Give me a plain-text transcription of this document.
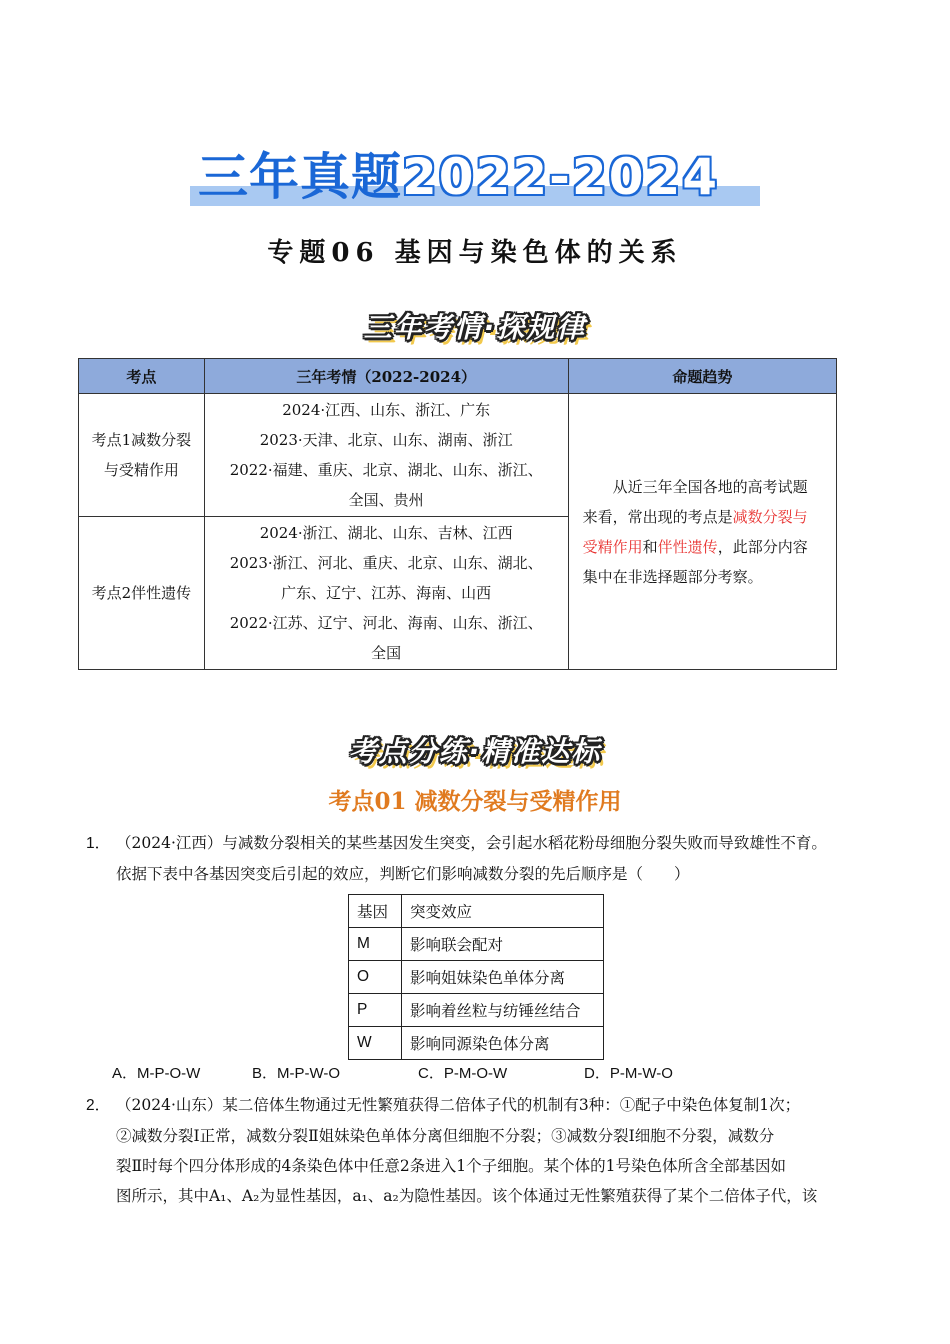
三年真题2022-2024
专题06 基因与染色体的关系
三年考情·探规律
考点	三年考情（2022-2024）	命题趋势
考点1减数分裂与受精作用	2024·江西、山东、浙江、广东
2023·天津、北京、山东、湖南、浙江
2022·福建、重庆、北京、湖北、山东、浙江、
全国、贵州	从近三年全国各地的高考试题来看，常出现的考点是减数分裂与受精作用和伴性遗传，此部分内容集中在非选择题部分考察。
考点2伴性遗传	2024·浙江、湖北、山东、吉林、江西
2023·浙江、河北、重庆、北京、山东、湖北、
广东、辽宁、江苏、海南、山西
2022·江苏、辽宁、河北、海南、山东、浙江、
全国	
考点分练·精准达标
考点01 减数分裂与受精作用
1． （2024·江西）与减数分裂相关的某些基因发生突变，会引起水稻花粉母细胞分裂失败而导致雄性不育。
依据下表中各基因突变后引起的效应，判断它们影响减数分裂的先后顺序是（　　）
基因	突变效应
M	影响联会配对
O	影响姐妹染色单体分离
P	影响着丝粒与纺锤丝结合
W	影响同源染色体分离
A．M-P-O-W	B．M-P-W-O	C．P-M-O-W	D．P-M-W-O
2． （2024·山东）某二倍体生物通过无性繁殖获得二倍体子代的机制有3种：①配子中染色体复制1次；
②减数分裂Ⅰ正常，减数分裂Ⅱ姐妹染色单体分离但细胞不分裂；③减数分裂Ⅰ细胞不分裂，减数分
裂Ⅱ时每个四分体形成的4条染色体中任意2条进入1个子细胞。某个体的1号染色体所含全部基因如
图所示，其中A₁、A₂为显性基因，a₁、a₂为隐性基因。该个体通过无性繁殖获得了某个二倍体子代，该
